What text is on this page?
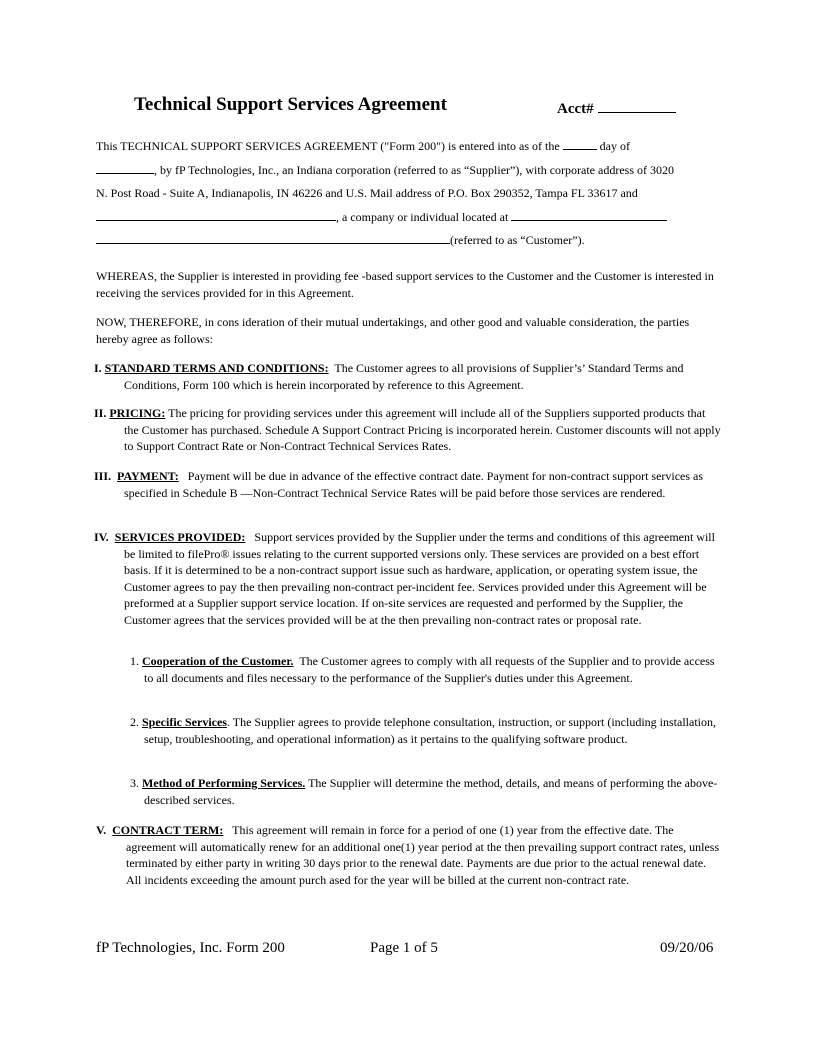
Technical Support Services Agreement	Acct#
This TECHNICAL SUPPORT SERVICES AGREEMENT ("Form 200") is entered into as of the	day of
, by fP Technologies, Inc., an Indiana corporation (referred to as “Supplier”), with corporate address of 3020
N. Post Road - Suite A, Indianapolis, IN 46226 and U.S. Mail address of P.O. Box 290352, Tampa FL 33617 and
, a company or individual located at
(referred to as “Customer”).
WHEREAS, the Supplier is interested in providing fee -based support services to the Customer and the Customer is interested in receiving the services provided for in this Agreement.
NOW, THEREFORE, in cons ideration of their mutual undertakings, and other good and valuable consideration, the parties hereby agree as follows:
I. STANDARD TERMS AND CONDITIONS: The Customer agrees to all provisions of Supplier’s’ Standard Terms and Conditions, Form 100 which is herein incorporated by reference to this Agreement.
II. PRICING: The pricing for providing services under this agreement will include all of the Suppliers supported products that the Customer has purchased. Schedule A Support Contract Pricing is incorporated herein. Customer discounts will not apply to Support Contract Rate or Non-Contract Technical Services Rates.
III. PAYMENT: Payment will be due in advance of the effective contract date. Payment for non-contract support services as specified in Schedule B —Non-Contract Technical Service Rates will be paid before those services are rendered.
IV. SERVICES PROVIDED: Support services provided by the Supplier under the terms and conditions of this agreement will be limited to filePro® issues relating to the current supported versions only. These services are provided on a best effort basis. If it is determined to be a non-contract support issue such as hardware, application, or operating system issue, the Customer agrees to pay the then prevailing non-contract per-incident fee. Services provided under this Agreement will be preformed at a Supplier support service location. If on-site services are requested and performed by the Supplier, the Customer agrees that the services provided will be at the then prevailing non-contract rates or proposal rate.
1. Cooperation of the Customer. The Customer agrees to comply with all requests of the Supplier and to provide access to all documents and files necessary to the performance of the Supplier's duties under this Agreement.
2. Specific Services. The Supplier agrees to provide telephone consultation, instruction, or support (including installation, setup, troubleshooting, and operational information) as it pertains to the qualifying software product.
3. Method of Performing Services. The Supplier will determine the method, details, and means of performing the above-described services.
V. CONTRACT TERM: This agreement will remain in force for a period of one (1) year from the effective date. The agreement will automatically renew for an additional one(1) year period at the then prevailing support contract rates, unless terminated by either party in writing 30 days prior to the renewal date. Payments are due prior to the actual renewal date. All incidents exceeding the amount purch ased for the year will be billed at the current non-contract rate.
fP Technologies, Inc. Form 200	Page 1 of 5	09/20/06
